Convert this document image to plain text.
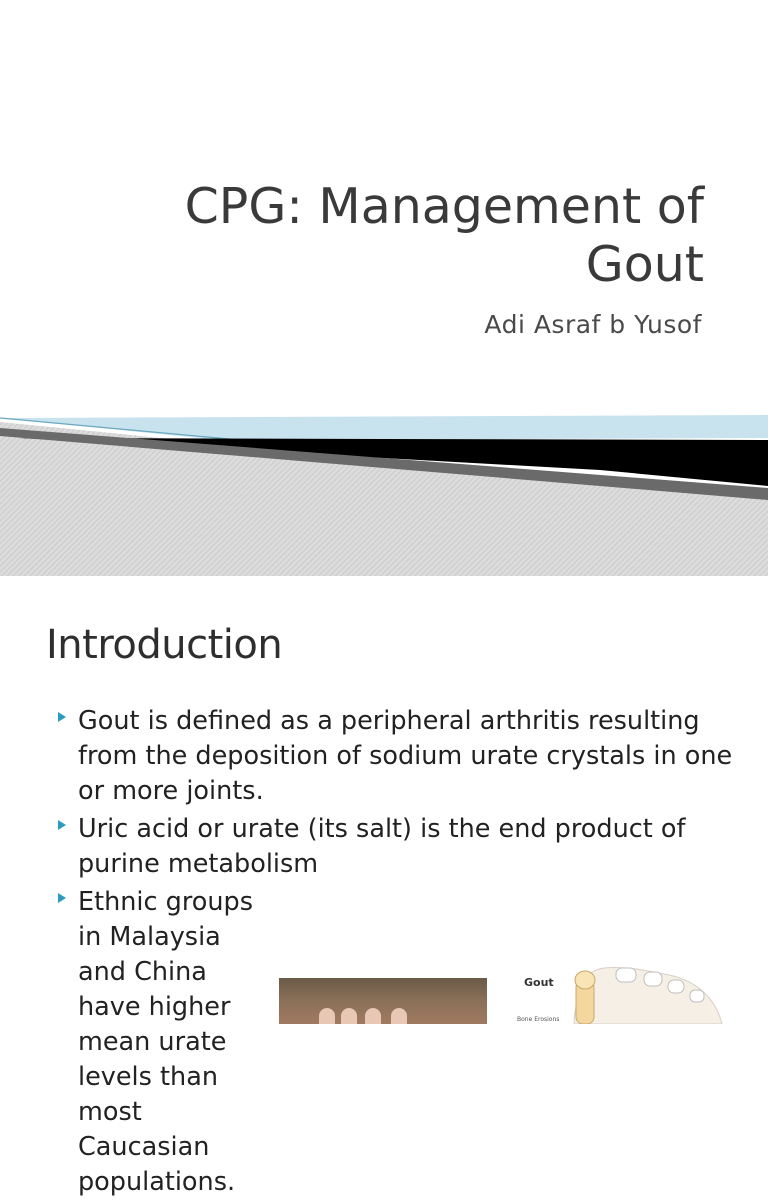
CPG: Management of
Gout
Adi Asraf b Yusof
Introduction
Gout is defined as a peripheral arthritis resulting from the deposition of sodium urate crystals in one or more joints.
Uric acid or urate (its salt) is the end product of purine metabolism
Ethnic groups in Malaysia and China have higher mean urate levels than most Caucasian populations.
Gout
Bone Erosions
